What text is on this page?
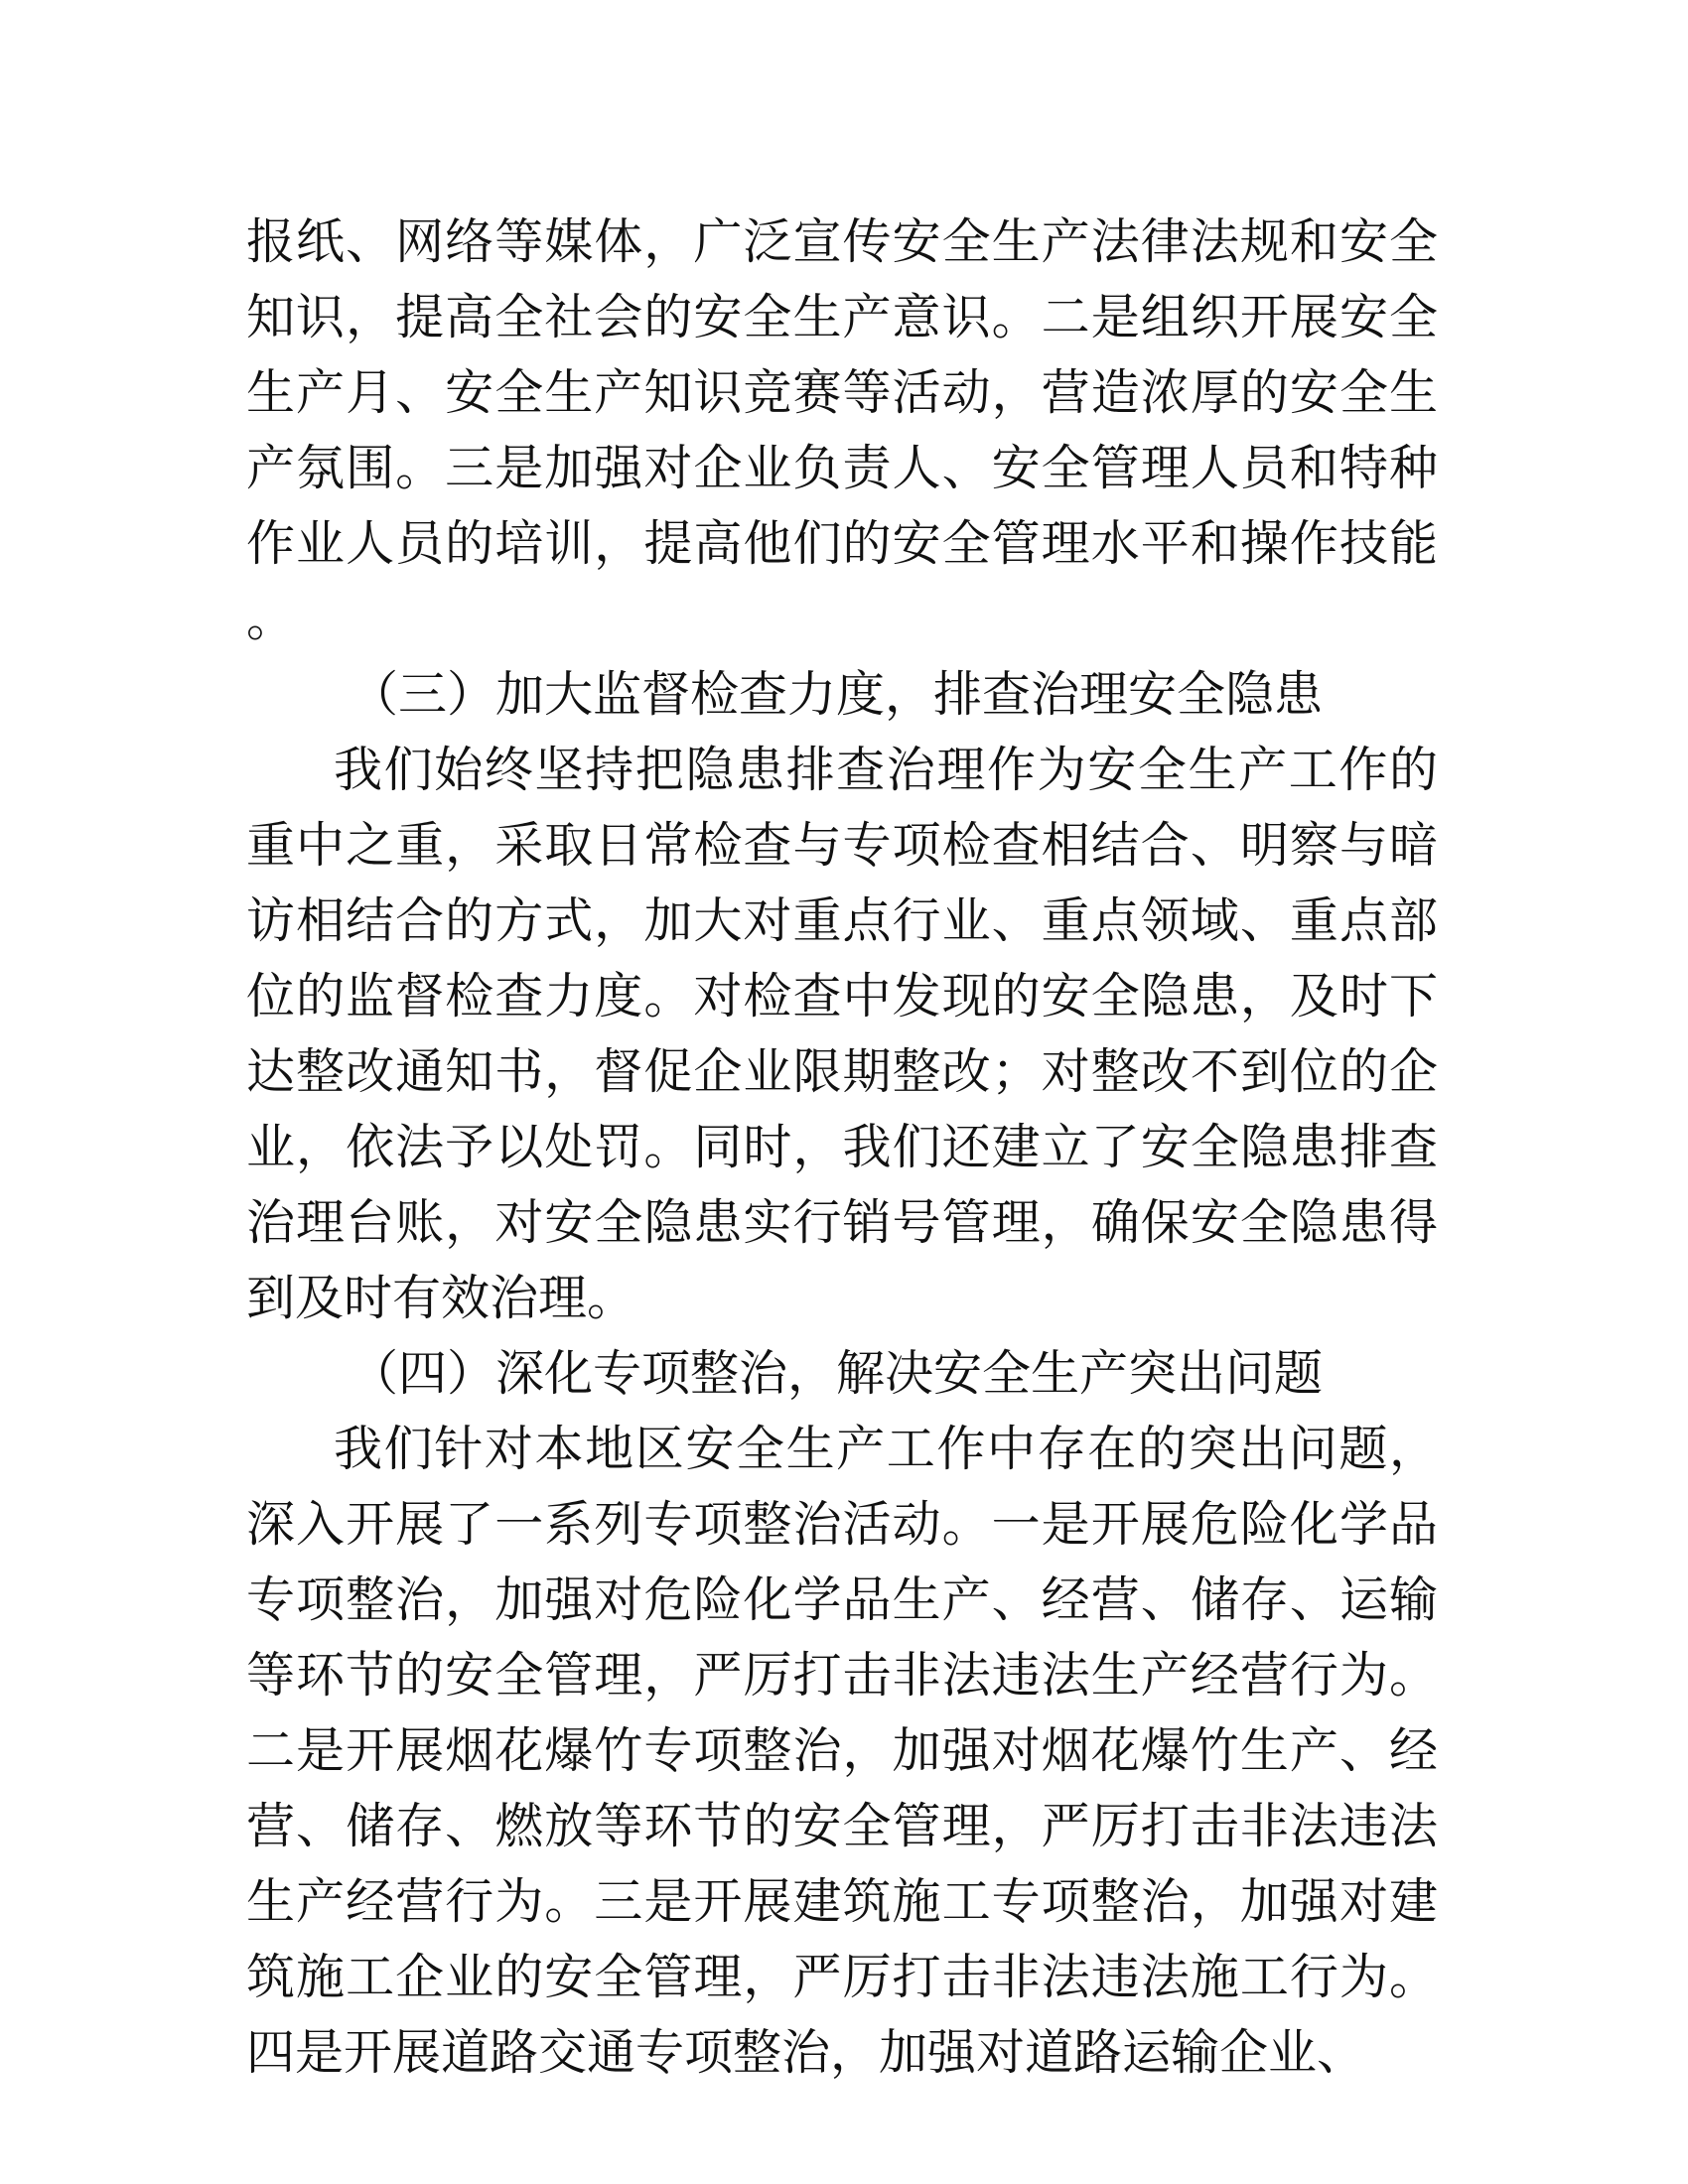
报纸、网络等媒体，广泛宣传安全生产法律法规和安全知识，提高全社会的安全生产意识。二是组织开展安全生产月、安全生产知识竞赛等活动，营造浓厚的安全生产氛围。三是加强对企业负责人、安全管理人员和特种作业人员的培训，提高他们的安全管理水平和操作技能。

（三）加大监督检查力度，排查治理安全隐患

我们始终坚持把隐患排查治理作为安全生产工作的重中之重，采取日常检查与专项检查相结合、明察与暗访相结合的方式，加大对重点行业、重点领域、重点部位的监督检查力度。对检查中发现的安全隐患，及时下达整改通知书，督促企业限期整改；对整改不到位的企业，依法予以处罚。同时，我们还建立了安全隐患排查治理台账，对安全隐患实行销号管理，确保安全隐患得到及时有效治理。

（四）深化专项整治，解决安全生产突出问题

我们针对本地区安全生产工作中存在的突出问题，深入开展了一系列专项整治活动。一是开展危险化学品专项整治，加强对危险化学品生产、经营、储存、运输等环节的安全管理，严厉打击非法违法生产经营行为。二是开展烟花爆竹专项整治，加强对烟花爆竹生产、经营、储存、燃放等环节的安全管理，严厉打击非法违法生产经营行为。三是开展建筑施工专项整治，加强对建筑施工企业的安全管理，严厉打击非法违法施工行为。四是开展道路交通专项整治，加强对道路运输企业、
